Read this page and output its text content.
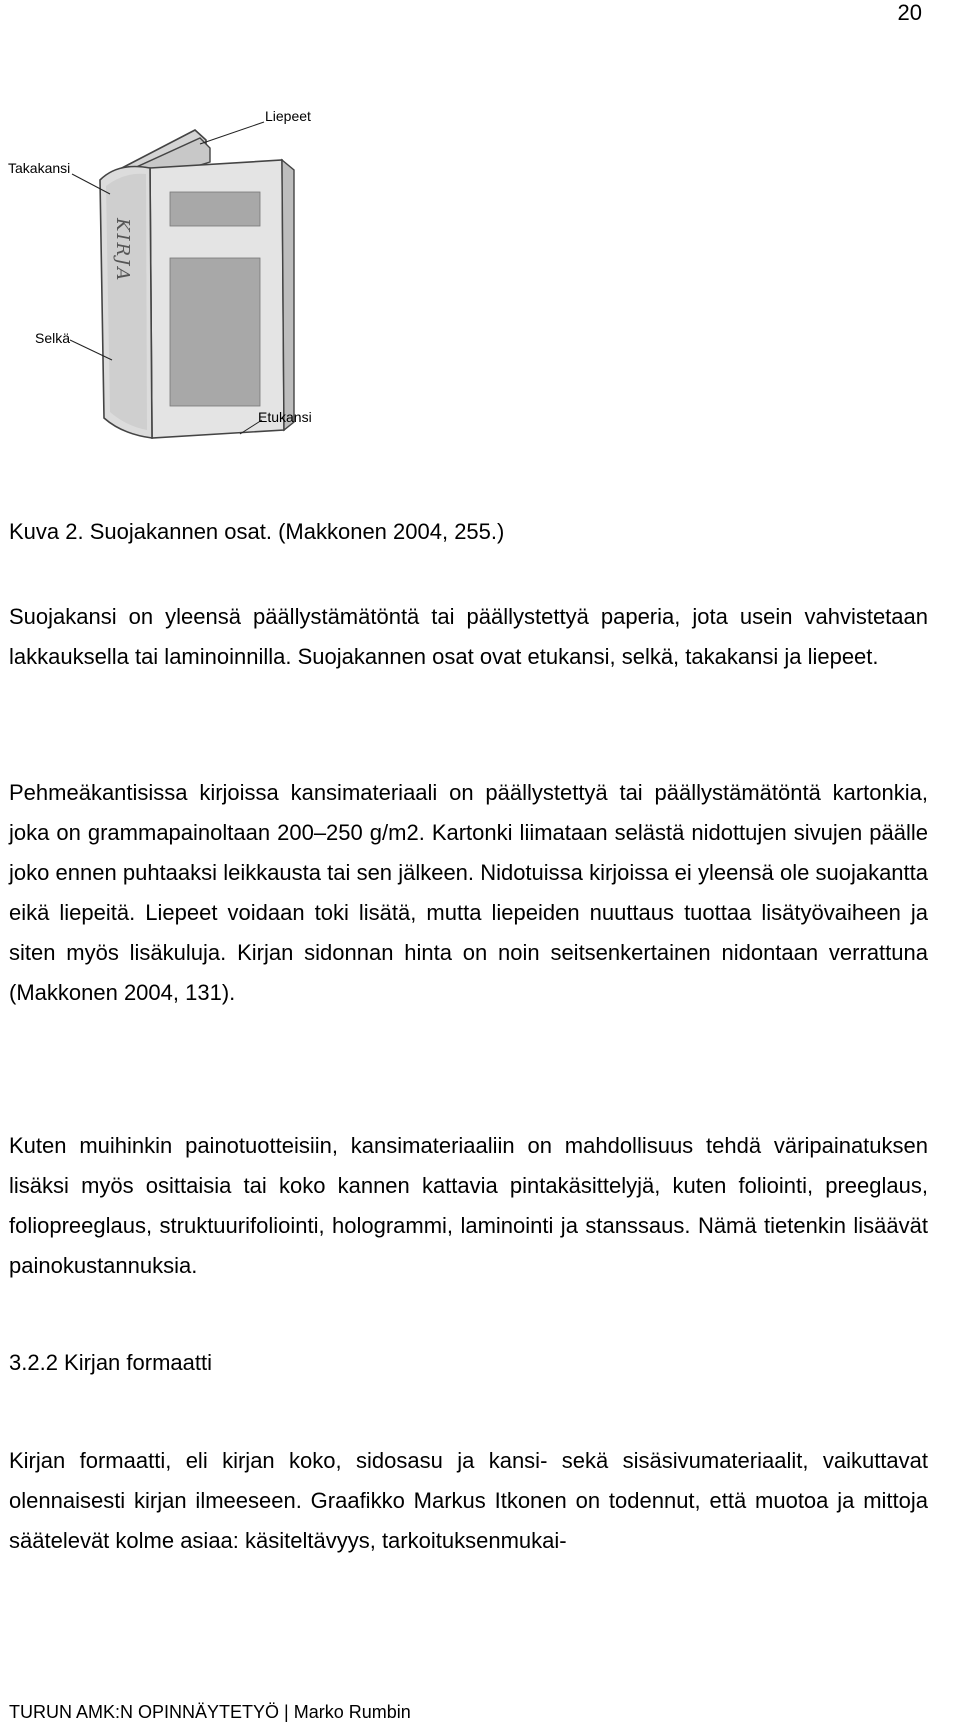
20
KIRJA
Liepeet
Takakansi
Selkä
Etukansi
Kuva 2. Suojakannen osat. (Makkonen 2004, 255.)

Suojakansi on yleensä päällystämätöntä tai päällystettyä paperia, jota usein vahvistetaan lakkauksella tai laminoinnilla. Suojakannen osat ovat etukansi, selkä, takakansi ja liepeet.

Pehmeäkantisissa kirjoissa kansimateriaali on päällystettyä tai päällystämätöntä kartonkia, joka on grammapainoltaan 200–250 g/m2. Kartonki liimataan selästä nidottujen sivujen päälle joko ennen puhtaaksi leikkausta tai sen jälkeen. Nidotuissa kirjoissa ei yleensä ole suojakantta eikä liepeitä. Liepeet voidaan toki lisätä, mutta liepeiden nuuttaus tuottaa lisätyövaiheen ja siten myös lisäkuluja. Kirjan sidonnan hinta on noin seitsenkertainen nidontaan verrattuna (Makkonen 2004, 131).

Kuten muihinkin painotuotteisiin, kansimateriaaliin on mahdollisuus tehdä väripainatuksen lisäksi myös osittaisia tai koko kannen kattavia pintakäsittelyjä, kuten foliointi, preeglaus, foliopreeglaus, struktuurifoliointi, hologrammi, laminointi ja stanssaus. Nämä tietenkin lisäävät painokustannuksia.

3.2.2 Kirjan formaatti

Kirjan formaatti, eli kirjan koko, sidosasu ja kansi- sekä sisäsivumateriaalit, vaikuttavat olennaisesti kirjan ilmeeseen. Graafikko Markus Itkonen on todennut, että muotoa ja mittoja säätelevät kolme asiaa: käsiteltävyys, tarkoituksenmukai-

TURUN AMK:N OPINNÄYTETYÖ | Marko Rumbin
